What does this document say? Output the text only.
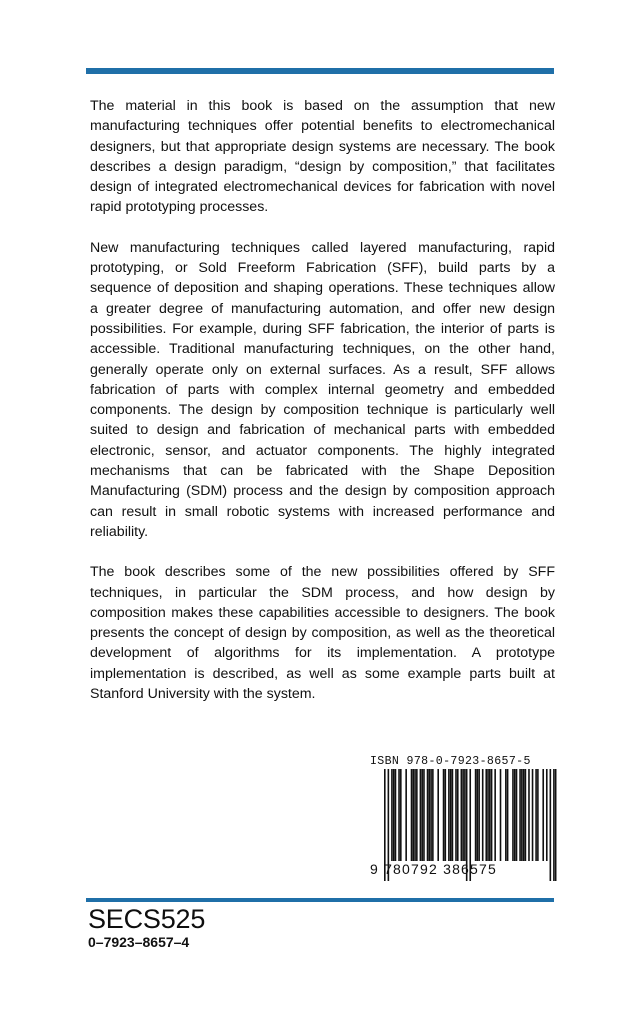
The material in this book is based on the assumption that new manufacturing techniques offer potential benefits to electromechanical designers, but that appropriate design systems are necessary. The book describes a design paradigm, “design by composition,” that facilitates design of integrated electromechanical devices for fabrication with novel rapid prototyping processes.

New manufacturing techniques called layered manufacturing, rapid prototyping, or Sold Freeform Fabrication (SFF), build parts by a sequence of deposition and shaping operations. These techniques allow a greater degree of manufacturing automation, and offer new design possibilities. For example, during SFF fabrication, the interior of parts is accessible. Traditional manufacturing techniques, on the other hand, generally operate only on external surfaces. As a result, SFF allows fabrication of parts with complex internal geometry and embedded components. The design by composition technique is particularly well suited to design and fabrication of mechanical parts with embedded electronic, sensor, and actuator components. The highly integrated mechanisms that can be fabricated with the Shape Deposition Manufacturing (SDM) process and the design by composition approach can result in small robotic systems with increased performance and reliability.

The book describes some of the new possibilities offered by SFF techniques, in particular the SDM process, and how design by composition makes these capabilities accessible to designers. The book presents the concept of design by composition, as well as the theoretical development of algorithms for its implementation. A prototype implementation is described, as well as some example parts built at Stanford University with the system.

ISBN 978-0-7923-8657-5
9 780792 386575
SECS525
0–7923–8657–4
